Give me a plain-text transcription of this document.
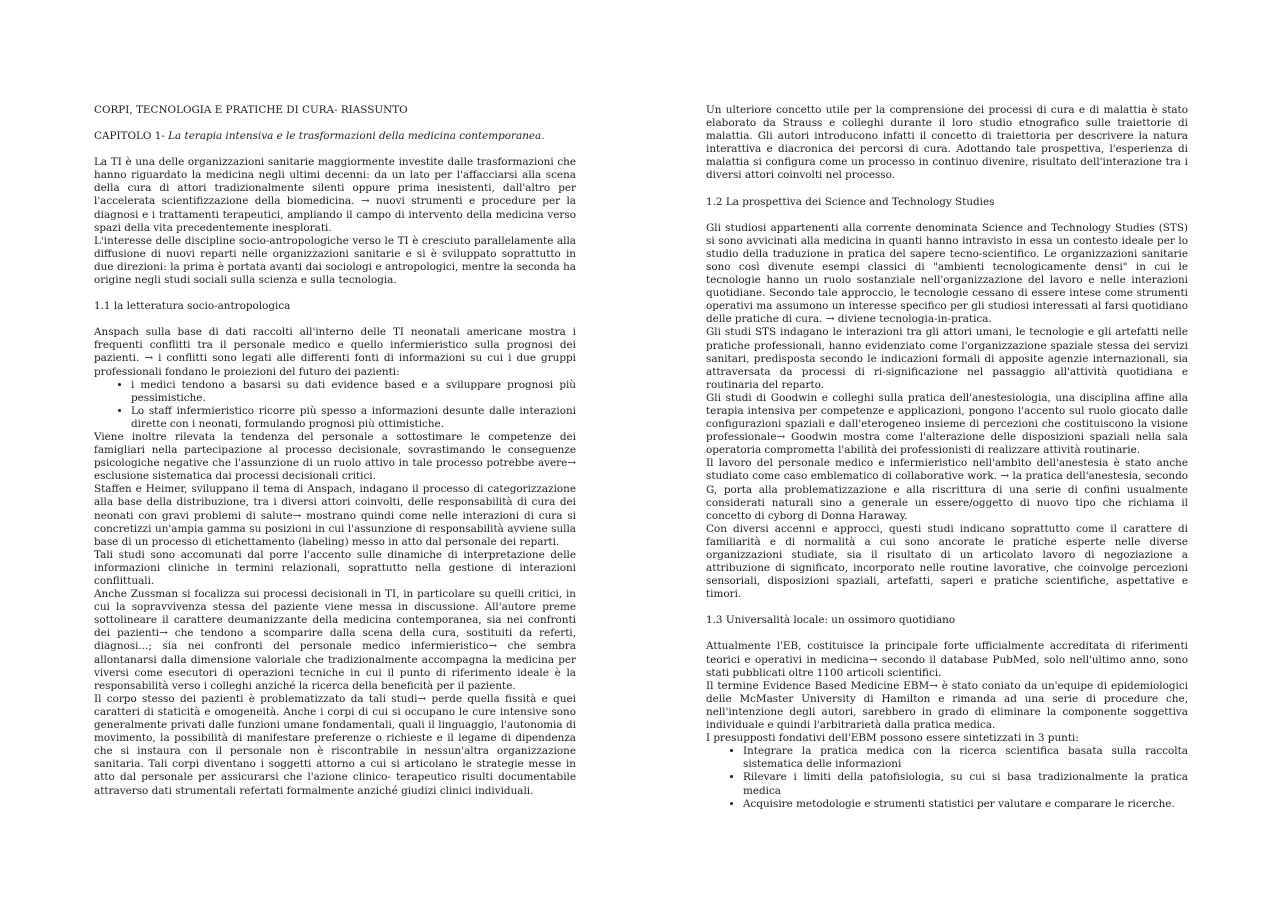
CORPI, TECNOLOGIA E PRATICHE DI CURA- RIASSUNTO

CAPITOLO 1- La terapia intensiva e le trasformazioni della medicina contemporanea.

La TI è una delle organizzazioni sanitarie maggiormente investite dalle trasformazioni che hanno riguardato la medicina negli ultimi decenni: da un lato per l'affacciarsi alla scena della cura di attori tradizionalmente silenti oppure prima inesistenti, dall'altro per l'accelerata scientifizzazione della biomedicina. → nuovi strumenti e procedure per la diagnosi e i trattamenti terapeutici, ampliando il campo di intervento della medicina verso spazi della vita precedentemente inesplorati.

L'interesse delle discipline socio-antropologiche verso le TI è cresciuto parallelamente alla diffusione di nuovi reparti nelle organizzazioni sanitarie e si è sviluppato soprattutto in due direzioni: la prima è portata avanti dai sociologi e antropologici, mentre la seconda ha origine negli studi sociali sulla scienza e sulla tecnologia.

1.1 la letteratura socio-antropologica

Anspach sulla base di dati raccolti all'interno delle TI neonatali americane mostra i frequenti conflitti tra il personale medico e quello infermieristico sulla prognosi dei pazienti. → i conflitti sono legati alle differenti fonti di informazioni su cui i due gruppi professionali fondano le proiezioni del futuro dei pazienti:

• i medici tendono a basarsi su dati evidence based e a sviluppare prognosi più pessimistiche.
• Lo staff infermieristico ricorre più spesso a informazioni desunte dalle interazioni dirette con i neonati, formulando prognosi più ottimistiche.

Viene inoltre rilevata la tendenza del personale a sottostimare le competenze dei famigliari nella partecipazione al processo decisionale, sovrastimando le conseguenze psicologiche negative che l'assunzione di un ruolo attivo in tale processo potrebbe avere→ esclusione sistematica dai processi decisionali critici.

Staffen e Heimer, sviluppano il tema di Anspach, indagano il processo di categorizzazione alla base della distribuzione, tra i diversi attori coinvolti, delle responsabilità di cura dei neonati con gravi problemi di salute→ mostrano quindi come nelle interazioni di cura si concretizzi un'ampia gamma su posizioni in cui l'assunzione di responsabilità avviene sulla base di un processo di etichettamento (labeling) messo in atto dal personale dei reparti.

Tali studi sono accomunati dal porre l'accento sulle dinamiche di interpretazione delle informazioni cliniche in termini relazionali, soprattutto nella gestione di interazioni conflittuali.

Anche Zussman si focalizza sui processi decisionali in TI, in particolare su quelli critici, in cui la sopravvivenza stessa del paziente viene messa in discussione. All'autore preme sottolineare il carattere deumanizzante della medicina contemporanea, sia nei confronti dei pazienti→ che tendono a scomparire dalla scena della cura, sostituiti da referti, diagnosi...; sia nei confronti del personale medico infermieristico→ che sembra allontanarsi dalla dimensione valoriale che tradizionalmente accompagna la medicina per viversi come esecutori di operazioni tecniche in cui il punto di riferimento ideale è la responsabilità verso i colleghi anziché la ricerca della beneficità per il paziente.

Il corpo stesso dei pazienti è problematizzato da tali studi→ perde quella fissità e quei caratteri di staticità e omogeneità. Anche i corpi di cui si occupano le cure intensive sono generalmente privati dalle funzioni umane fondamentali, quali il linguaggio, l'autonomia di movimento, la possibilità di manifestare preferenze o richieste e il legame di dipendenza che si instaura con il personale non è riscontrabile in nessun'altra organizzazione sanitaria. Tali corpi diventano i soggetti attorno a cui si articolano le strategie messe in atto dal personale per assicurarsi che l'azione clinico- terapeutico risulti documentabile attraverso dati strumentali refertati formalmente anziché giudizi clinici individuali.

Un ulteriore concetto utile per la comprensione dei processi di cura e di malattia è stato elaborato da Strauss e colleghi durante il loro studio etnografico sulle traiettorie di malattia. Gli autori introducono infatti il concetto di traiettoria per descrivere la natura interattiva e diacronica dei percorsi di cura. Adottando tale prospettiva, l'esperienza di malattia si configura come un processo in continuo divenire, risultato dell'interazione tra i diversi attori coinvolti nel processo.

1.2 La prospettiva dei Science and Technology Studies

Gli studiosi appartenenti alla corrente denominata Science and Technology Studies (STS) si sono avvicinati alla medicina in quanti hanno intravisto in essa un contesto ideale per lo studio della traduzione in pratica del sapere tecno-scientifico. Le organizzazioni sanitarie sono così divenute esempi classici di "ambienti tecnologicamente densi" in cui le tecnologie hanno un ruolo sostanziale nell'organizzazione del lavoro e nelle interazioni quotidiane. Secondo tale approccio, le tecnologie cessano di essere intese come strumenti operativi ma assumono un interesse specifico per gli studiosi interessati al farsi quotidiano delle pratiche di cura. → diviene tecnologia-in-pratica.

Gli studi STS indagano le interazioni tra gli attori umani, le tecnologie e gli artefatti nelle pratiche professionali, hanno evidenziato come l'organizzazione spaziale stessa dei servizi sanitari, predisposta secondo le indicazioni formali di apposite agenzie internazionali, sia attraversata da processi di ri-significazione nel passaggio all'attività quotidiana e routinaria del reparto.

Gli studi di Goodwin e colleghi sulla pratica dell'anestesiologia, una disciplina affine alla terapia intensiva per competenze e applicazioni, pongono l'accento sul ruolo giocato dalle configurazioni spaziali e dall'eterogeneo insieme di percezioni che costituiscono la visione professionale→ Goodwin mostra come l'alterazione delle disposizioni spaziali nella sala operatoria comprometta l'abilità dei professionisti di realizzare attività routinarie.

Il lavoro del personale medico e infermieristico nell'ambito dell'anestesia è stato anche studiato come caso emblematico di collaborative work. → la pratica dell'anestesia, secondo G, porta alla problematizzazione e alla riscrittura di una serie di confini usualmente considerati naturali sino a generale un essere/oggetto di nuovo tipo che richiama il concetto di cyborg di Donna Haraway.

Con diversi accenni e approcci, questi studi indicano soprattutto come il carattere di familiarità e di normalità a cui sono ancorate le pratiche esperte nelle diverse organizzazioni studiate, sia il risultato di un articolato lavoro di negoziazione a attribuzione di significato, incorporato nelle routine lavorative, che coinvolge percezioni sensoriali, disposizioni spaziali, artefatti, saperi e pratiche scientifiche, aspettative e timori.

1.3 Universalità locale: un ossimoro quotidiano

Attualmente l'EB, costituisce la principale forte ufficialmente accreditata di riferimenti teorici e operativi in medicina→ secondo il database PubMed, solo nell'ultimo anno, sono stati pubblicati oltre 1100 articoli scientifici.

Il termine Evidence Based Medicine EBM→ è stato coniato da un'equipe di epidemiologici delle McMaster University di Hamilton e rimanda ad una serie di procedure che, nell'intenzione degli autori, sarebbero in grado di eliminare la componente soggettiva individuale e quindi l'arbitrarietà dalla pratica medica.

I presupposti fondativi dell'EBM possono essere sintetizzati in 3 punti:

• Integrare la pratica medica con la ricerca scientifica basata sulla raccolta sistematica delle informazioni
• Rilevare i limiti della patofisiologia, su cui si basa tradizionalmente la pratica medica
• Acquisire metodologie e strumenti statistici per valutare e comparare le ricerche.
